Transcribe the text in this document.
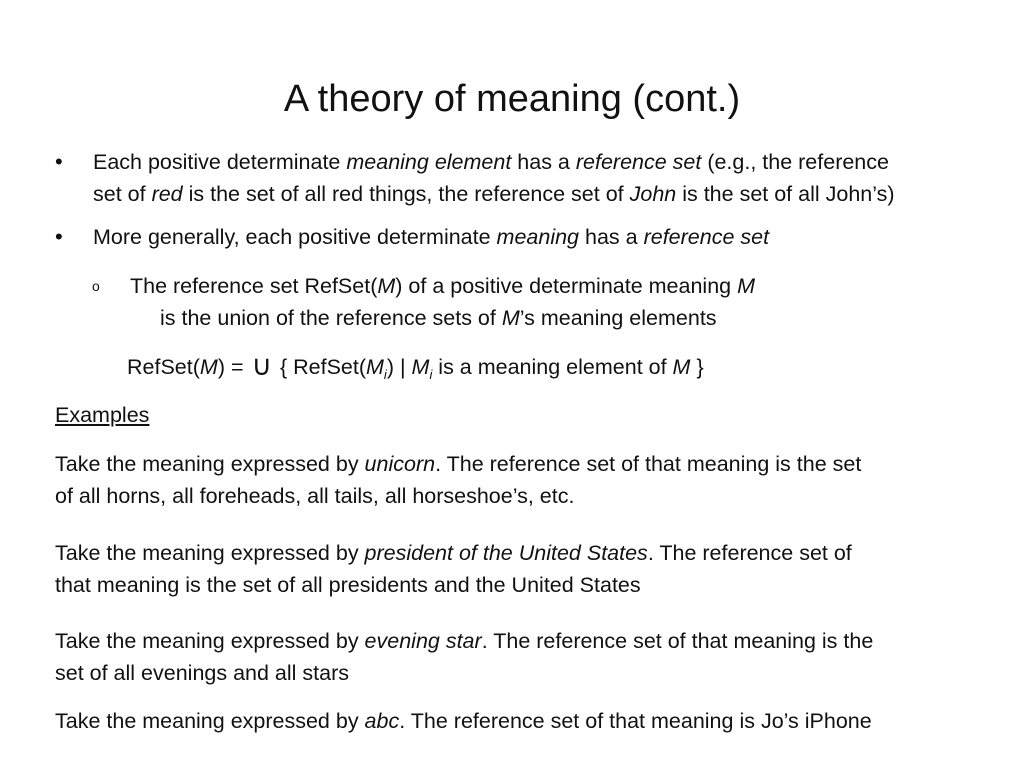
A theory of meaning (cont.)
• Each positive determinate meaning element has a reference set (e.g., the reference
set of red is the set of all red things, the reference set of John is the set of all John’s)
• More generally, each positive determinate meaning has a reference set
o The reference set RefSet(M) of a positive determinate meaning M
is the union of the reference sets of M’s meaning elements
RefSet(M) = ∪ { $RefSet(M_i)$ | $M_i$ is a meaning element of M }
Examples
Take the meaning expressed by unicorn. The reference set of that meaning is the set
of all horns, all foreheads, all tails, all horseshoe’s, etc.
Take the meaning expressed by president of the United States. The reference set of
that meaning is the set of all presidents and the United States
Take the meaning expressed by evening star. The reference set of that meaning is the
set of all evenings and all stars
Take the meaning expressed by abc. The reference set of that meaning is Jo’s iPhone
